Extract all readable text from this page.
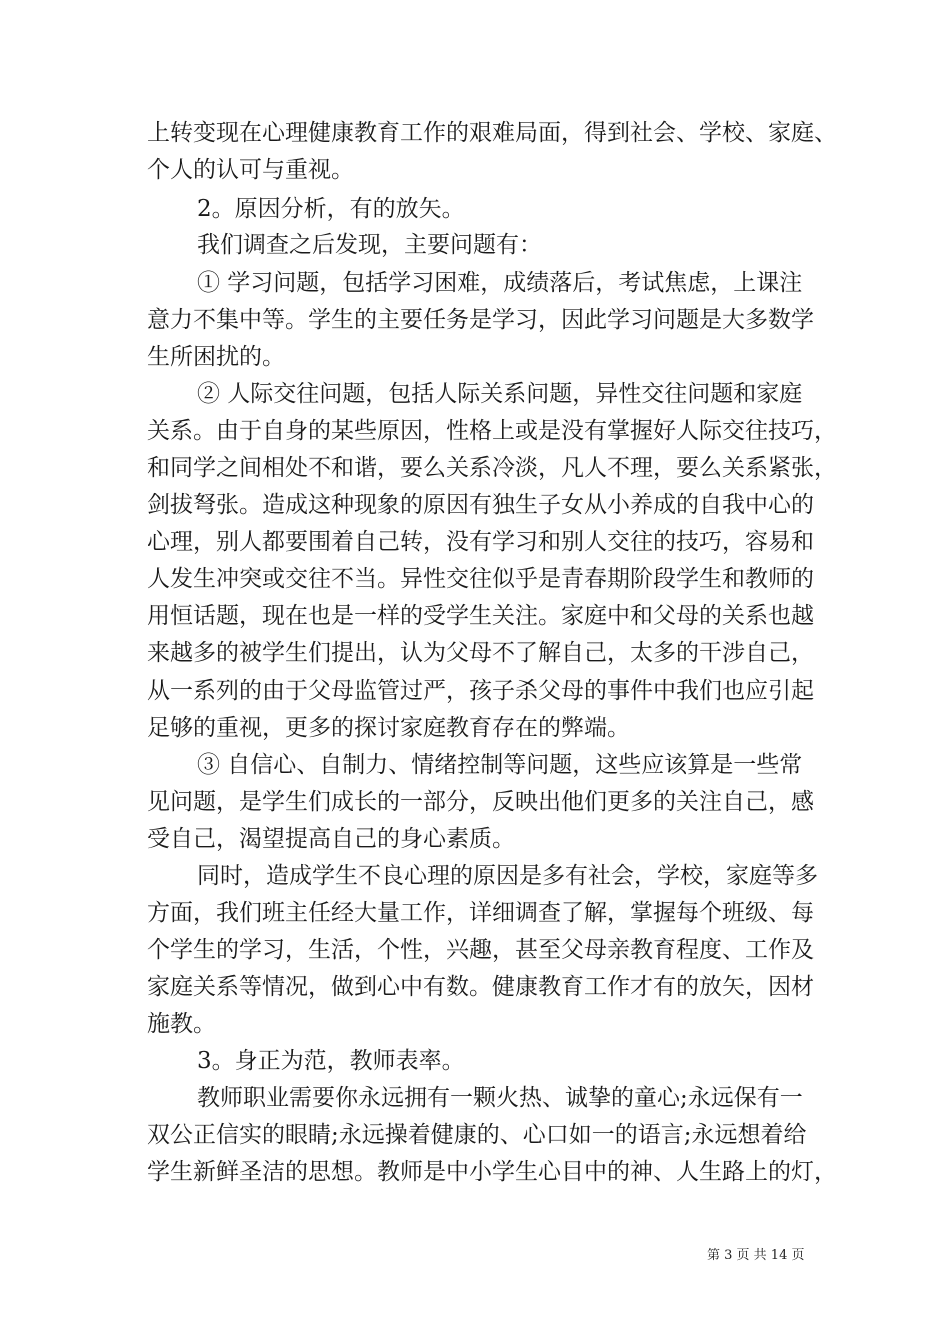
上转变现在心理健康教育工作的艰难局面，得到社会、学校、家庭、
个人的认可与重视。
2。原因分析，有的放矢。
我们调查之后发现，主要问题有：
① 学习问题，包括学习困难，成绩落后，考试焦虑，上课注
意力不集中等。学生的主要任务是学习，因此学习问题是大多数学
生所困扰的。
② 人际交往问题，包括人际关系问题，异性交往问题和家庭
关系。由于自身的某些原因，性格上或是没有掌握好人际交往技巧，
和同学之间相处不和谐，要么关系冷淡，凡人不理，要么关系紧张，
剑拔弩张。造成这种现象的原因有独生子女从小养成的自我中心的
心理，别人都要围着自己转，没有学习和别人交往的技巧，容易和
人发生冲突或交往不当。异性交往似乎是青春期阶段学生和教师的
用恒话题，现在也是一样的受学生关注。家庭中和父母的关系也越
来越多的被学生们提出，认为父母不了解自己，太多的干涉自己，
从一系列的由于父母监管过严，孩子杀父母的事件中我们也应引起
足够的重视，更多的探讨家庭教育存在的弊端。
③ 自信心、自制力、情绪控制等问题，这些应该算是一些常
见问题，是学生们成长的一部分，反映出他们更多的关注自己，感
受自己，渴望提高自己的身心素质。
同时，造成学生不良心理的原因是多有社会，学校，家庭等多
方面，我们班主任经大量工作，详细调查了解，掌握每个班级、每
个学生的学习，生活，个性，兴趣，甚至父母亲教育程度、工作及
家庭关系等情况，做到心中有数。健康教育工作才有的放矢，因材
施教。
3。身正为范，教师表率。
教师职业需要你永远拥有一颗火热、诚挚的童心;永远保有一
双公正信实的眼睛;永远操着健康的、心口如一的语言;永远想着给
学生新鲜圣洁的思想。教师是中小学生心目中的神、人生路上的灯，
第 3 页 共 14 页
